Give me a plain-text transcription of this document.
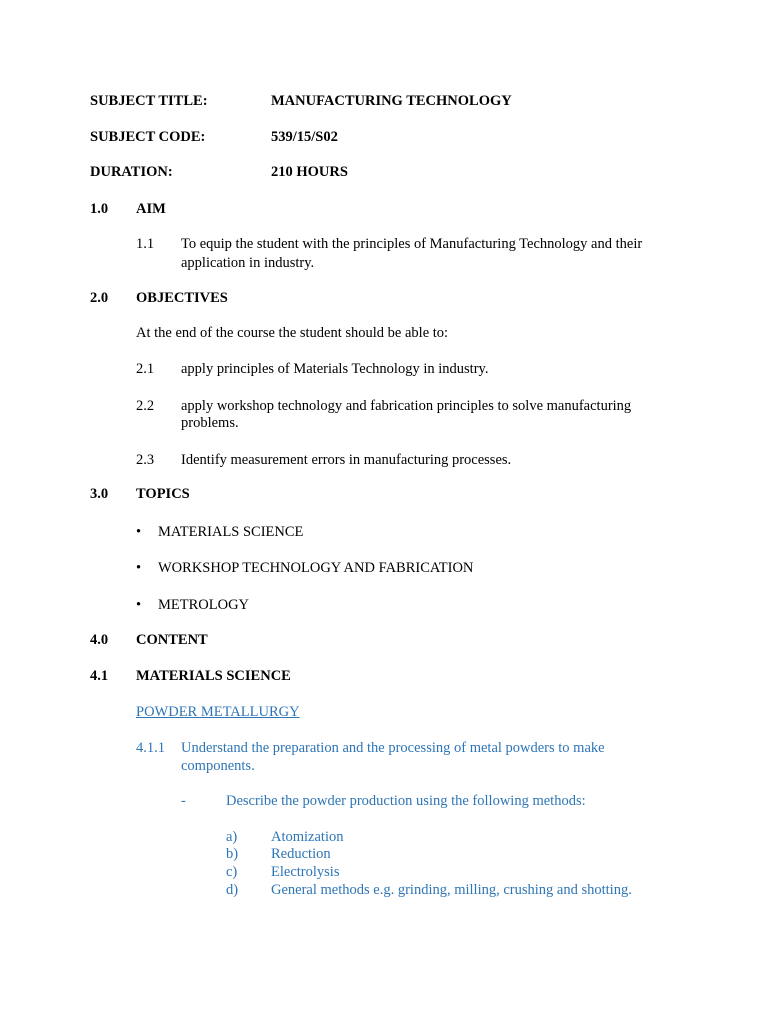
SUBJECT TITLE:	MANUFACTURING TECHNOLOGY
SUBJECT CODE:	539/15/S02
DURATION:	210 HOURS
1.0 AIM
1.1 To equip the student with the principles of Manufacturing Technology and their
application in industry.
2.0 OBJECTIVES
At the end of the course the student should be able to:
2.1 apply principles of Materials Technology in industry.
2.2 apply workshop technology and fabrication principles to solve manufacturing
problems.
2.3 Identify measurement errors in manufacturing processes.
3.0 TOPICS
• MATERIALS SCIENCE
• WORKSHOP TECHNOLOGY AND FABRICATION
• METROLOGY
4.0 CONTENT
4.1 MATERIALS SCIENCE
POWDER METALLURGY
4.1.1 Understand the preparation and the processing of metal powders to make
components.
-	Describe the powder production using the following methods:
a) Atomization
b) Reduction
c) Electrolysis
d) General methods e.g. grinding, milling, crushing and shotting.
